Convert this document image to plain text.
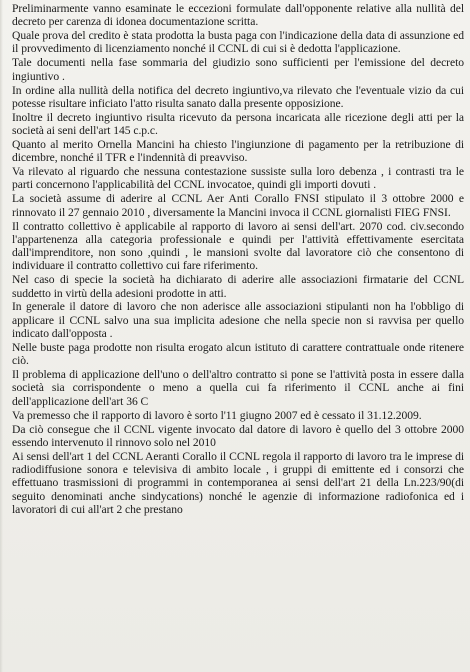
Preliminarmente vanno esaminate le eccezioni formulate dall'opponente relative alla nullità del decreto per carenza di idonea documentazione scritta.

Quale prova del credito è stata prodotta la busta paga con l'indicazione della data di assunzione ed il provvedimento di licenziamento nonché il CCNL di cui si è dedotta l'applicazione.

Tale documenti nella fase sommaria del giudizio sono sufficienti per l'emissione del decreto ingiuntivo .

In ordine alla nullità della notifica del decreto ingiuntivo,va rilevato che l'eventuale vizio da cui potesse risultare inficiato l'atto risulta sanato dalla presente opposizione.

Inoltre il decreto ingiuntivo risulta ricevuto da persona incaricata alle ricezione degli atti per la società ai seni dell'art 145 c.p.c.

Quanto al merito Ornella Mancini ha chiesto l'ingiunzione di pagamento per la retribuzione di dicembre, nonché il TFR e l'indennità di preavviso.

Va rilevato al riguardo che nessuna contestazione sussiste sulla loro debenza , i contrasti tra le parti concernono l'applicabilità del CCNL invocatoe, quindi gli importi dovuti .

La società assume di aderire al CCNL Aer Anti Corallo FNSI stipulato il 3 ottobre 2000 e rinnovato il 27 gennaio 2010 , diversamente la Mancini invoca il CCNL giornalisti FIEG FNSI.

Il contratto collettivo è applicabile al rapporto di lavoro ai sensi dell'art. 2070 cod. civ.secondo l'appartenenza alla categoria professionale e quindi per l'attività effettivamente esercitata dall'imprenditore, non sono ,quindi , le mansioni svolte dal lavoratore ciò che consentono di individuare il contratto collettivo cui fare riferimento.

Nel caso di specie la società ha dichiarato di aderire alle associazioni firmatarie del CCNL suddetto in virtù della adesioni prodotte in atti.

In generale il datore di lavoro che non aderisce alle associazioni stipulanti non ha l'obbligo di applicare il CCNL salvo una sua implicita adesione che nella specie non si ravvisa per quello indicato dall'opposta .

Nelle buste paga prodotte non risulta erogato alcun istituto di carattere contrattuale onde ritenere ciò.

Il problema di applicazione dell'uno o dell'altro contratto si pone se l'attività posta in essere dalla società sia corrispondente o meno a quella cui fa riferimento il CCNL anche ai fini dell'applicazione dell'art 36 C

Va premesso che il rapporto di lavoro è sorto l'11 giugno 2007 ed è cessato il 31.12.2009.

Da ciò consegue che il CCNL vigente invocato dal datore di lavoro è quello del 3 ottobre 2000 essendo intervenuto il rinnovo solo nel 2010

Ai sensi dell'art 1 del CCNL Aeranti Corallo il CCNL regola il rapporto di lavoro tra le imprese di radiodiffusione sonora e televisiva di ambito locale , i gruppi di emittente ed i consorzi che effettuano trasmissioni di programmi in contemporanea ai sensi dell'art 21 della Ln.223/90(di seguito denominati anche sindycations) nonché le agenzie di informazione radiofonica ed i lavoratori di cui all'art 2 che prestano
